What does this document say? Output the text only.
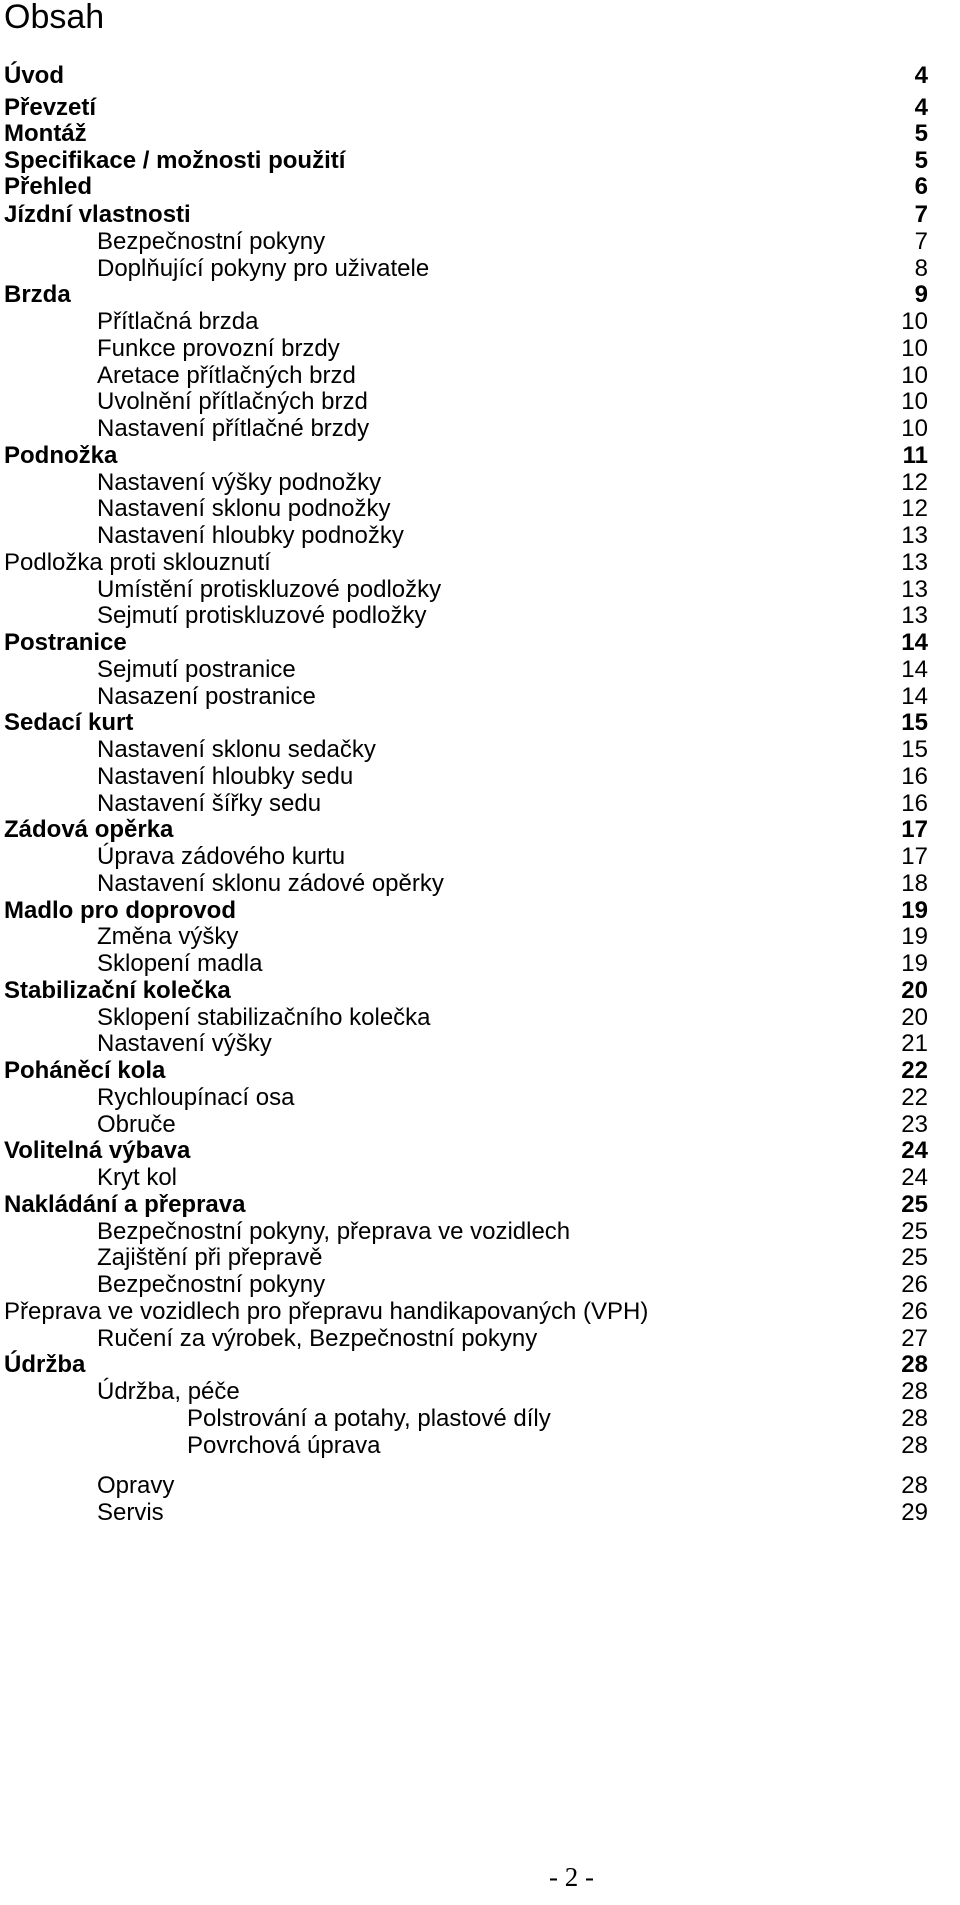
Obsah
Úvod	4
Převzetí	4
Montáž	5
Specifikace / možnosti použití	5
Přehled	6
Jízdní vlastnosti	7
Bezpečnostní pokyny	7
Doplňující pokyny pro uživatele	8
Brzda	9
Přítlačná brzda	10
Funkce provozní brzdy	10
Aretace přítlačných brzd	10
Uvolnění přítlačných brzd	10
Nastavení přítlačné brzdy	10
Podnožka	11
Nastavení výšky podnožky	12
Nastavení sklonu podnožky	12
Nastavení hloubky podnožky	13
Podložka proti sklouznutí	13
Umístění protiskluzové podložky	13
Sejmutí protiskluzové podložky	13
Postranice	14
Sejmutí postranice	14
Nasazení postranice	14
Sedací kurt	15
Nastavení sklonu sedačky	15
Nastavení hloubky sedu	16
Nastavení šířky sedu	16
Zádová opěrka	17
Úprava zádového kurtu	17
Nastavení sklonu zádové opěrky	18
Madlo pro doprovod	19
Změna výšky	19
Sklopení madla	19
Stabilizační kolečka	20
Sklopení stabilizačního kolečka	20
Nastavení výšky	21
Poháněcí kola	22
Rychloupínací osa	22
Obruče	23
Volitelná výbava	24
Kryt kol	24
Nakládání a přeprava	25
Bezpečnostní pokyny, přeprava ve vozidlech	25
Zajištění při přepravě	25
Bezpečnostní pokyny	26
Přeprava ve vozidlech pro přepravu handikapovaných (VPH)	26
Ručení za výrobek, Bezpečnostní pokyny	27
Údržba	28
Údržba, péče	28
Polstrování a potahy, plastové díly	28
Povrchová úprava	28
Opravy	28
Servis	29
- 2 -
